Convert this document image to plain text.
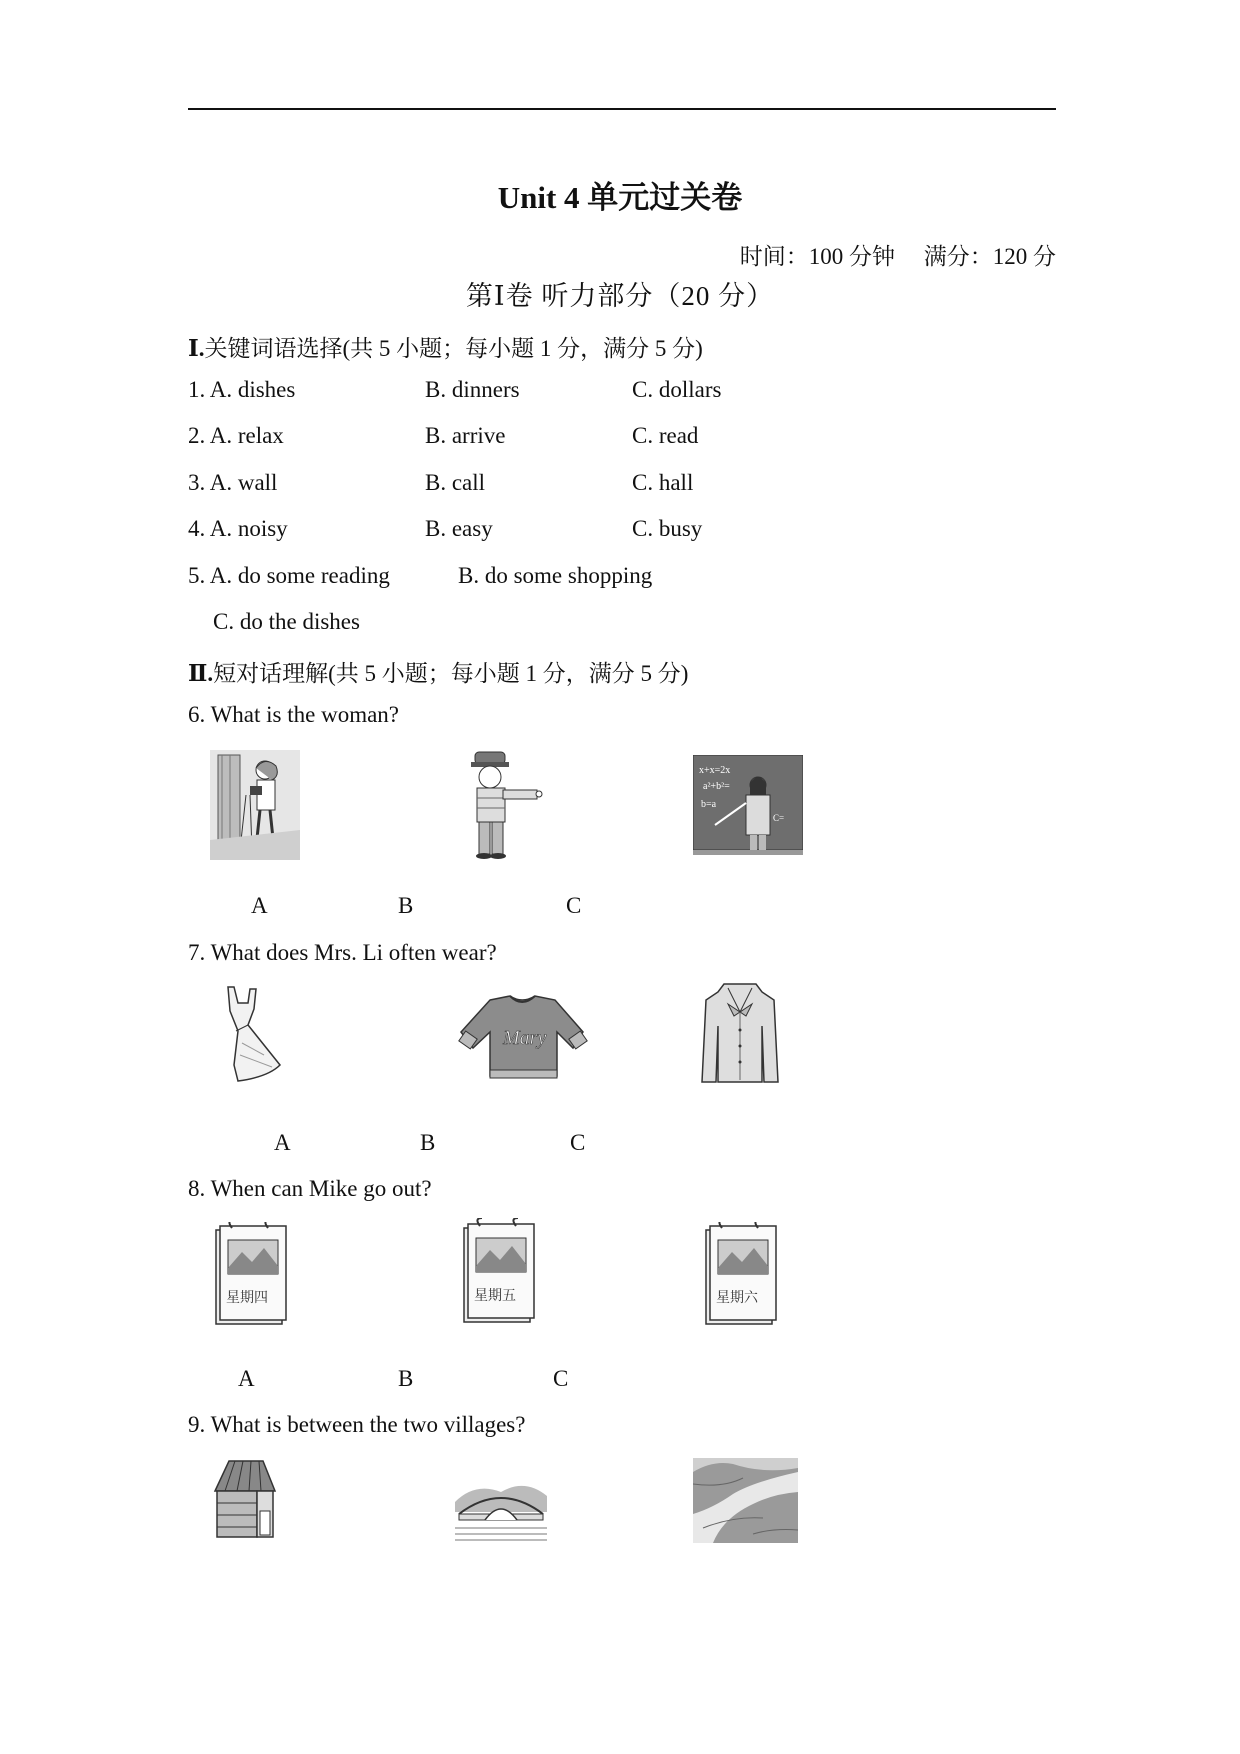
Unit 4 单元过关卷
时间：100 分钟　 满分：120 分
第Ⅰ卷 听力部分（20 分）
Ⅰ.关键词语选择(共 5 小题；每小题 1 分，满分 5 分)
1. A. dishes	B. dinners	C. dollars
2. A. relax	B. arrive	C. read
3. A. wall	B. call	C. hall
4. A. noisy	B. easy	C. busy
5. A. do some reading	B. do some shopping
C. do the dishes
Ⅱ.短对话理解(共 5 小题；每小题 1 分，满分 5 分)
6. What is the woman?
x+x=2x
a²+b²=
b=a
C=
A	B	C
7. What does Mrs. Li often wear?
Mary
A	B	C
8. When can Mike go out?
星期四	星期五	星期六
A	B	C
9. What is between the two villages?
